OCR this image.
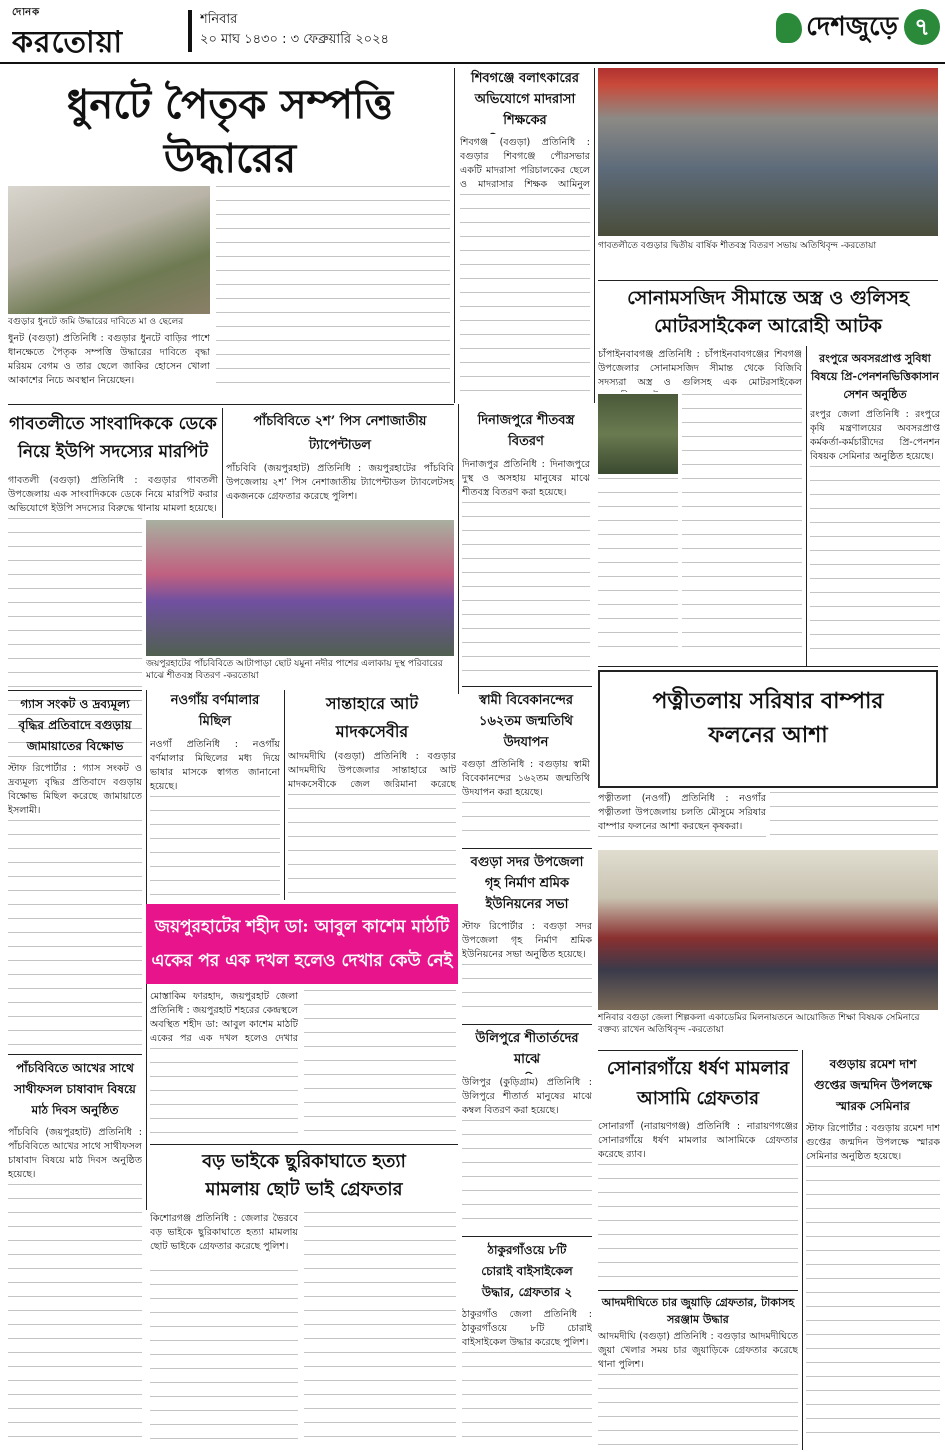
দৈনিক
করতোয়া
শনিবার
২০ মাঘ ১৪৩০ : ৩ ফেব্রুয়ারি ২০২৪	দেশজুড়ে ৭
ধুনটে পৈতৃক সম্পত্তি উদ্ধারের
বগুড়ার ধুনটে জমি উদ্ধারের দাবিতে মা ও ছেলের
ধুনট (বগুড়া) প্রতিনিধি : বগুড়ার ধুনটে বাড়ির পাশে ধানক্ষেতে পৈতৃক সম্পত্তি উদ্ধারের দাবিতে বৃদ্ধা মরিয়ম বেগম ও তার ছেলে জাকির হোসেন খোলা আকাশের নিচে অবস্থান নিয়েছেন।
শিবগঞ্জে বলাৎকারের
অভিযোগে মাদরাসা শিক্ষকের
শিবগঞ্জ (বগুড়া) প্রতিনিধি : বগুড়ার শিবগঞ্জে পৌরসভার একটি মাদরাসা পরিচালকের ছেলে ও মাদরাসার শিক্ষক আমিনুল
গাবতলীতে বগুড়ার দ্বিতীয় বার্ষিক শীতবস্ত্র বিতরণ সভায় অতিথিবৃন্দ -করতোয়া
সোনামসজিদ সীমান্তে অস্ত্র ও গুলিসহ
মোটরসাইকেল আরোহী আটক
চাঁপাইনবাবগঞ্জ প্রতিনিধি : চাঁপাইনবাবগঞ্জের শিবগঞ্জ উপজেলার সোনামসজিদ সীমান্ত থেকে বিজিবি সদস্যরা অস্ত্র ও গুলিসহ এক মোটরসাইকেল
রংপুরে অবসরপ্রাপ্ত সুবিধা
বিষয়ে প্রি-পেনশনভিত্তিকাসান
সেশন অনুষ্ঠিত
রংপুর জেলা প্রতিনিধি : রংপুরে কৃষি মন্ত্রণালয়ের অবসরপ্রাপ্ত কর্মকর্তা-কর্মচারীদের প্রি-পেনশন বিষয়ক সেমিনার অনুষ্ঠিত হয়েছে।
গাবতলীতে সাংবাদিককে ডেকে
নিয়ে ইউপি সদস্যের মারপিট
গাবতলী (বগুড়া) প্রতিনিধি : বগুড়ার গাবতলী উপজেলায় এক সাংবাদিককে ডেকে নিয়ে মারপিট করার অভিযোগে ইউপি সদস্যের বিরুদ্ধে থানায় মামলা হয়েছে।
পাঁচবিবিতে ২শ’ পিস নেশাজাতীয় ট্যাপেন্টাডল
পাঁচবিবি (জয়পুরহাট) প্রতিনিধি : জয়পুরহাটের পাঁচবিবি উপজেলায় ২শ’ পিস নেশাজাতীয় ট্যাপেন্টাডল ট্যাবলেটসহ একজনকে গ্রেফতার করেছে পুলিশ।
জয়পুরহাটের পাঁচবিবিতে আটাপাড়া ছোট যমুনা নদীর পাশের এলাকায় দুস্থ পরিবারের মাঝে শীতবস্ত্র বিতরণ -করতোয়া
দিনাজপুরে শীতবস্ত্র
বিতরণ
দিনাজপুর প্রতিনিধি : দিনাজপুরে দুস্থ ও অসহায় মানুষের মাঝে শীতবস্ত্র বিতরণ করা হয়েছে।
স্বামী বিবেকানন্দের
১৬২তম জন্মতিথি
উদযাপন
বগুড়া প্রতিনিধি : বগুড়ায় স্বামী বিবেকানন্দের ১৬২তম জন্মতিথি উদযাপন করা হয়েছে।
পত্নীতলায় সরিষার বাম্পার
ফলনের আশা
পত্নীতলা (নওগাঁ) প্রতিনিধি : নওগাঁর পত্নীতলা উপজেলায় চলতি মৌসুমে সরিষার বাম্পার ফলনের আশা করছেন কৃষকরা।
গ্যাস সংকট ও দ্রব্যমূল্য
বৃদ্ধির প্রতিবাদে বগুড়ায়
জামায়াতের বিক্ষোভ
স্টাফ রিপোর্টার : গ্যাস সংকট ও দ্রব্যমূল্য বৃদ্ধির প্রতিবাদে বগুড়ায় বিক্ষোভ মিছিল করেছে জামায়াতে ইসলামী।
নওগাঁয় বর্ণমালার
মিছিল
নওগাঁ প্রতিনিধি : নওগাঁয় বর্ণমালার মিছিলের মধ্য দিয়ে ভাষার মাসকে স্বাগত জানানো হয়েছে।
সান্তাহারে আট মাদকসেবীর
আদমদীঘি (বগুড়া) প্রতিনিধি : বগুড়ার আদমদীঘি উপজেলার সান্তাহারে আট মাদকসেবীকে জেল জরিমানা করেছে
বগুড়া সদর উপজেলা
গৃহ নির্মাণ শ্রমিক
ইউনিয়নের সভা
স্টাফ রিপোর্টার : বগুড়া সদর উপজেলা গৃহ নির্মাণ শ্রমিক ইউনিয়নের সভা অনুষ্ঠিত হয়েছে।
শনিবার বগুড়া জেলা শিল্পকলা একাডেমির মিলনায়তনে আয়োজিত শিক্ষা বিষয়ক সেমিনারে বক্তব্য রাখেন অতিথিবৃন্দ -করতোয়া
জয়পুরহাটের শহীদ ডা: আবুল কাশেম মাঠটি
একের পর এক দখল হলেও দেখার কেউ নেই
মোস্তাকিম ফারহাদ, জয়পুরহাট জেলা প্রতিনিধি : জয়পুরহাট শহরের কেন্দ্রস্থলে অবস্থিত শহীদ ডা: আবুল কাশেম মাঠটি একের পর এক দখল হলেও দেখার	উলিপুরে শীতার্তদের মাঝে
উলিপুর (কুড়িগ্রাম) প্রতিনিধি : উলিপুরে শীতার্ত মানুষের মাঝে কম্বল বিতরণ করা হয়েছে।
সোনারগাঁয়ে ধর্ষণ মামলার
আসামি গ্রেফতার
সোনারগাঁ (নারায়ণগঞ্জ) প্রতিনিধি : নারায়ণগঞ্জের সোনারগাঁয়ে ধর্ষণ মামলার আসামিকে গ্রেফতার করেছে র‌্যাব।
বগুড়ায় রমেশ দাশ
গুপ্তের জন্মদিন উপলক্ষে
স্মারক সেমিনার
স্টাফ রিপোর্টার : বগুড়ায় রমেশ দাশ গুপ্তের জন্মদিন উপলক্ষে স্মারক সেমিনার অনুষ্ঠিত হয়েছে।
পাঁচবিবিতে আখের সাথে
সাথীফসল চাষাবাদ বিষয়ে
মাঠ দিবস অনুষ্ঠিত
পাঁচবিবি (জয়পুরহাট) প্রতিনিধি : পাঁচবিবিতে আখের সাথে সাথীফসল চাষাবাদ বিষয়ে মাঠ দিবস অনুষ্ঠিত হয়েছে।
বড় ভাইকে ছুরিকাঘাতে হত্যা
মামলায় ছোট ভাই গ্রেফতার
কিশোরগঞ্জ প্রতিনিধি : জেলার ভৈরবে বড় ভাইকে ছুরিকাঘাতে হত্যা মামলায় ছোট ভাইকে গ্রেফতার করেছে পুলিশ।	ঠাকুরগাঁওয়ে ৮টি
চোরাই বাইসাইকেল
উদ্ধার, গ্রেফতার ২
ঠাকুরগাঁও জেলা প্রতিনিধি : ঠাকুরগাঁওয়ে ৮টি চোরাই বাইসাইকেল উদ্ধার করেছে পুলিশ।
আদমদীঘিতে চার জুয়াড়ি গ্রেফতার, টাকাসহ সরঞ্জাম উদ্ধার
আদমদীঘি (বগুড়া) প্রতিনিধি : বগুড়ার আদমদীঘিতে জুয়া খেলার সময় চার জুয়াড়িকে গ্রেফতার করেছে থানা পুলিশ।
